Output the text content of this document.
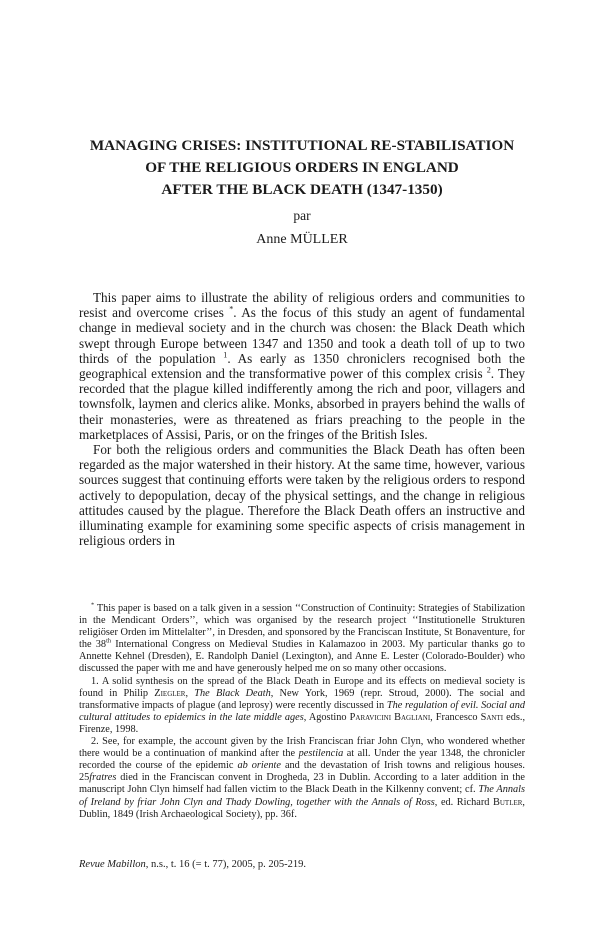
MANAGING CRISES: INSTITUTIONAL RE-STABILISATION
OF THE RELIGIOUS ORDERS IN ENGLAND
AFTER THE BLACK DEATH (1347-1350)
par
Anne MÜLLER

This paper aims to illustrate the ability of religious orders and communities to resist and overcome crises *. As the focus of this study an agent of fundamental change in medieval society and in the church was chosen: the Black Death which swept through Europe between 1347 and 1350 and took a death toll of up to two thirds of the population $^1$. As early as 1350 chroniclers recognised both the geographical extension and the transformative power of this complex crisis $^2$. They recorded that the plague killed indifferently among the rich and poor, villagers and townsfolk, laymen and clerics alike. Monks, absorbed in prayers behind the walls of their monasteries, were as threatened as friars preaching to the people in the marketplaces of Assisi, Paris, or on the fringes of the British Isles.

For both the religious orders and communities the Black Death has often been regarded as the major watershed in their history. At the same time, however, various sources suggest that continuing efforts were taken by the religious orders to respond actively to depopulation, decay of the physical settings, and the change in religious attitudes caused by the plague. Therefore the Black Death offers an instructive and illuminating example for examining some specific aspects of crisis management in religious orders in

* This paper is based on a talk given in a session ‘‘Construction of Continuity: Strategies of Stabilization in the Mendicant Orders’’, which was organised by the research project ‘‘Institutionelle Strukturen religiöser Orden im Mittelalter’’, in Dresden, and sponsored by the Franciscan Institute, St Bonaventure, for the 38th International Congress on Medieval Studies in Kalamazoo in 2003. My particular thanks go to Annette Kehnel (Dresden), E. Randolph Daniel (Lexington), and Anne E. Lester (Colorado-Boulder) who discussed the paper with me and have generously helped me on so many other occasions.

1. A solid synthesis on the spread of the Black Death in Europe and its effects on medieval society is found in Philip Ziegler, The Black Death, New York, 1969 (repr. Stroud, 2000). The social and transformative impacts of plague (and leprosy) were recently discussed in The regulation of evil. Social and cultural attitudes to epidemics in the late middle ages, Agostino Paravicini Bagliani, Francesco Santi eds., Firenze, 1998.

2. See, for example, the account given by the Irish Franciscan friar John Clyn, who wondered whether there would be a continuation of mankind after the pestilencia at all. Under the year 1348, the chronicler recorded the course of the epidemic ab oriente and the devastation of Irish towns and religious houses. 25fratres died in the Franciscan convent in Drogheda, 23 in Dublin. According to a later addition in the manuscript John Clyn himself had fallen victim to the Black Death in the Kilkenny convent; cf. The Annals of Ireland by friar John Clyn and Thady Dowling, together with the Annals of Ross, ed. Richard Butler, Dublin, 1849 (Irish Archaeological Society), pp. 36f.

Revue Mabillon, n.s., t. 16 (= t. 77), 2005, p. 205-219.
